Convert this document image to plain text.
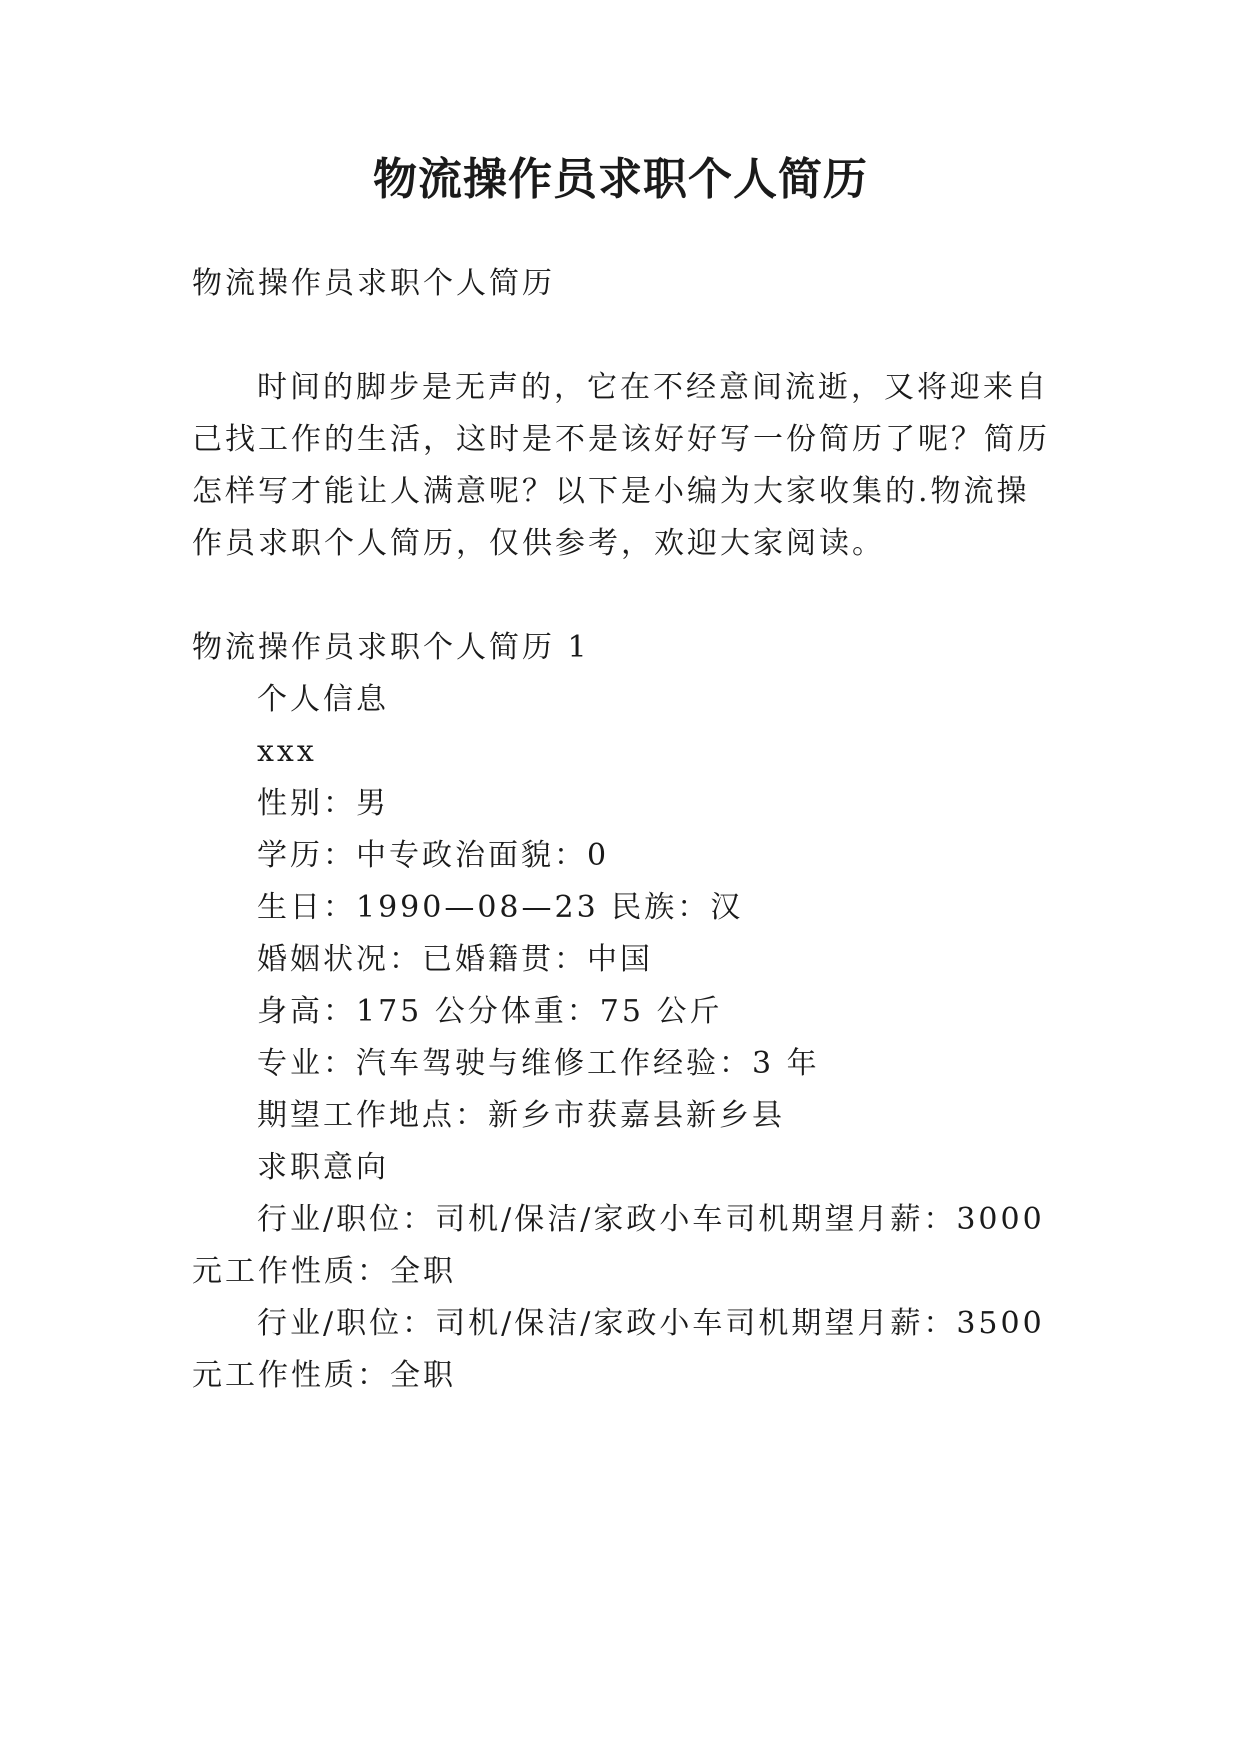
物流操作员求职个人简历
物流操作员求职个人简历
时间的脚步是无声的，它在不经意间流逝，又将迎来自
己找工作的生活，这时是不是该好好写一份简历了呢？简历
怎样写才能让人满意呢？以下是小编为大家收集的.物流操
作员求职个人简历，仅供参考，欢迎大家阅读。
物流操作员求职个人简历 1
个人信息
xxx
性别：男
学历：中专政治面貌：0
生日：1990—08—23 民族：汉
婚姻状况：已婚籍贯：中国
身高：175 公分体重：75 公斤
专业：汽车驾驶与维修工作经验：3 年
期望工作地点：新乡市获嘉县新乡县
求职意向
行业/职位：司机/保洁/家政小车司机期望月薪：3000
元工作性质：全职
行业/职位：司机/保洁/家政小车司机期望月薪：3500
元工作性质：全职
